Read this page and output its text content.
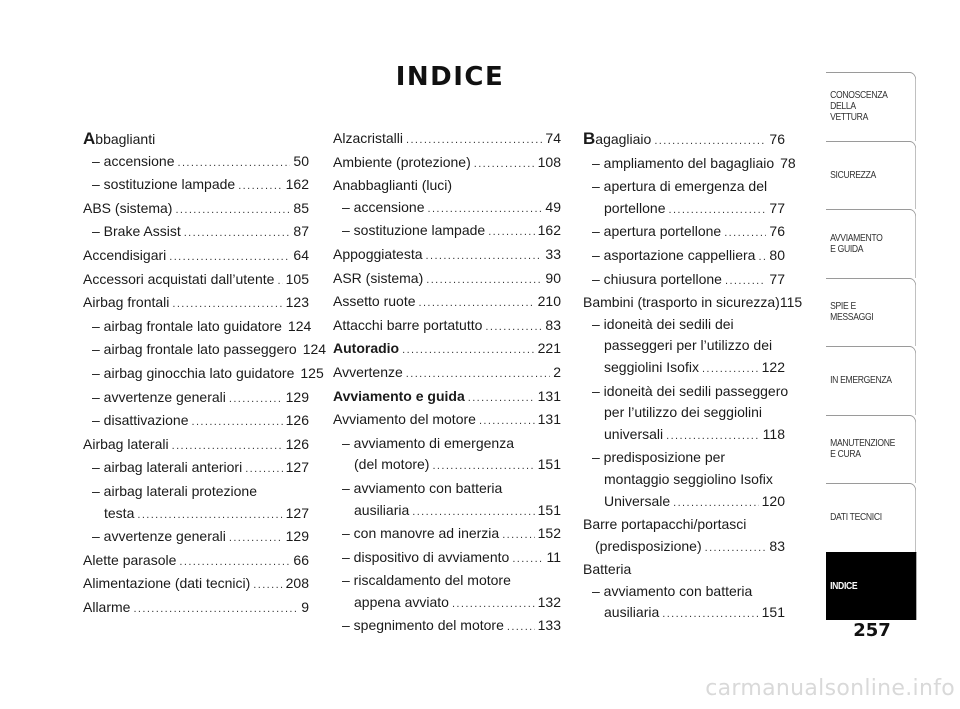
INDICE
Abbaglianti
– accensione .....	50
– sostituzione lampade .....	162
ABS (sistema) .....	85
– Brake Assist .....	87
Accendisigari .....	64
Accessori acquistati dall’utente ..... 105
Airbag frontali .....	123
– airbag frontale lato guidatore 124
– airbag frontale lato passeggero 124
– airbag ginocchia lato guidatore 125
– avvertenze generali .....	129
– disattivazione .....	126
Airbag laterali .....	126
– airbag laterali anteriori .....	127
– airbag laterali protezione
testa .....	127
– avvertenze generali .....	129
Alette parasole .....	66
Alimentazione (dati tecnici) .....	208
Allarme .....	9
Alzacristalli .....	74
Ambiente (protezione) .....	108
Anabbaglianti (luci)
– accensione .....	49
– sostituzione lampade .....	162
Appoggiatesta .....	33
ASR (sistema) .....	90
Assetto ruote .....	210
Attacchi barre portatutto .....	83
Autoradio .....	221
Avvertenze .....	2
Avviamento e guida .....	131
Avviamento del motore .....	131
– avviamento di emergenza
(del motore) .....	151
– avviamento con batteria
ausiliaria .....	151
– con manovre ad inerzia .....	152
– dispositivo di avviamento .....	11
– riscaldamento del motore
appena avviato .....	132
– spegnimento del motore ..... 133
Bagagliaio .....	76
– ampliamento del bagagliaio 78
– apertura di emergenza del
portellone .....	77
– apertura portellone .....	76
– asportazione cappelliera ..... 80
– chiusura portellone .....	77
Bambini (trasporto in sicurezza) 115
– idoneità dei sedili dei
passeggeri per l’utilizzo dei
seggiolini Isofix .....	122
– idoneità dei sedili passeggero
per l’utilizzo dei seggiolini
universali .....	118
– predisposizione per
montaggio seggiolino Isofix
Universale .....	120
Barre portapacchi/portasci
(predisposizione) .....	83
Batteria
– avviamento con batteria
ausiliaria .....	151
CONOSCENZA
DELLA
VETTURA
SICUREZZA
AVVIAMENTO
E GUIDA
SPIE E
MESSAGGI
IN EMERGENZA
MANUTENZIONE
E CURA
DATI TECNICI
INDICE
257
carmanualsonline.info
